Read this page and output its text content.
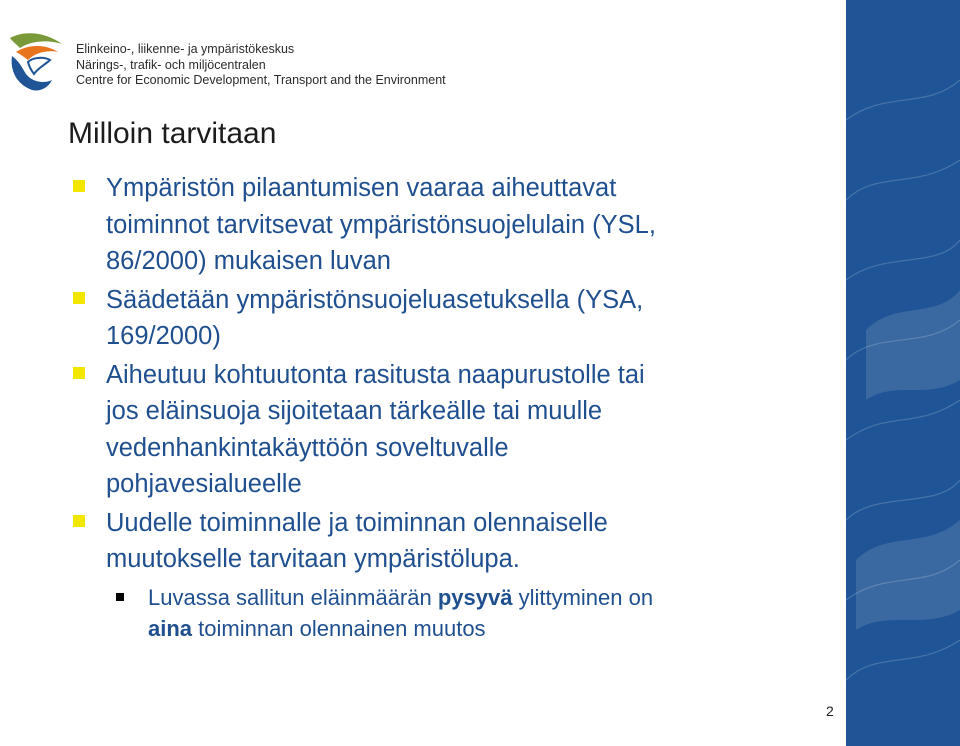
Elinkeino-, liikenne- ja ympäristökeskus
Närings-, trafik- och miljöcentralen
Centre for Economic Development, Transport and the Environment
Milloin tarvitaan
Ympäristön pilaantumisen vaaraa aiheuttavat
toiminnot tarvitsevat ympäristönsuojelulain (YSL,
86/2000) mukaisen luvan
Säädetään ympäristönsuojeluasetuksella (YSA,
169/2000)
Aiheutuu kohtuutonta rasitusta naapurustolle tai
jos eläinsuoja sijoitetaan tärkeälle tai muulle
vedenhankintakäyttöön soveltuvalle
pohjavesialueelle
Uudelle toiminnalle ja toiminnan olennaiselle
muutokselle tarvitaan ympäristölupa.
Luvassa sallitun eläinmäärän pysyvä ylittyminen on
aina toiminnan olennainen muutos
2
